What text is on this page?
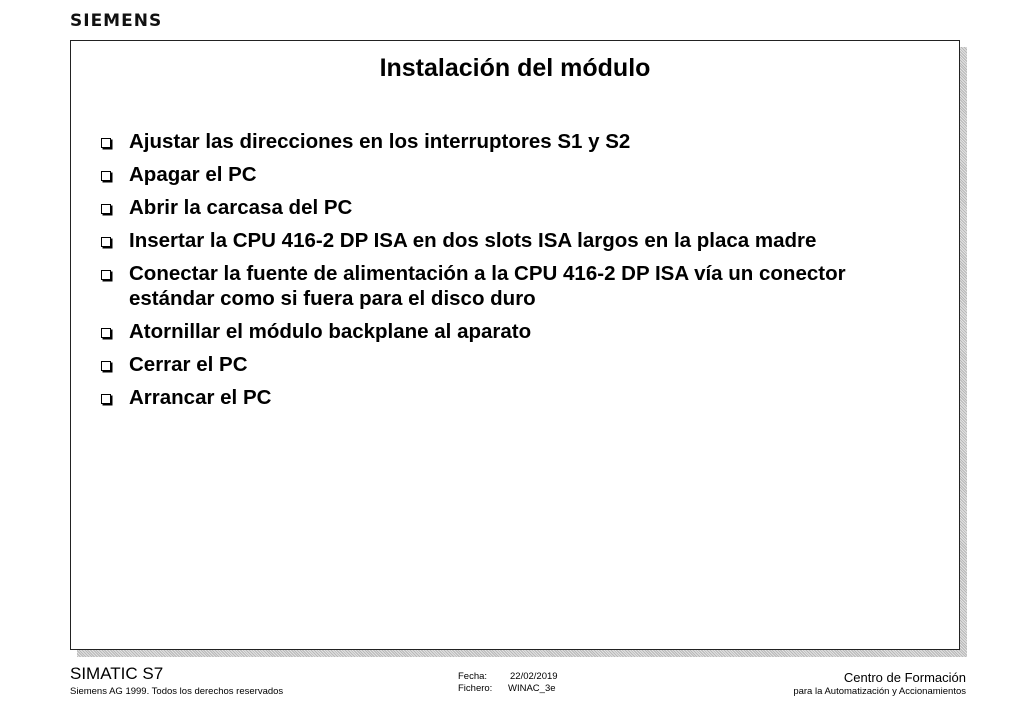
SIEMENS
Instalación del módulo
Ajustar las direcciones en los interruptores S1 y S2
Apagar el PC
Abrir la carcasa del PC
Insertar la CPU 416-2 DP ISA en dos slots ISA largos en la placa madre
Conectar la fuente de alimentación a la CPU 416-2 DP ISA vía un conector estándar como si fuera para el disco duro
Atornillar el módulo backplane al aparato
Cerrar el PC
Arrancar el PC
SIMATIC S7
Siemens AG 1999. Todos los derechos reservados
Fecha: 22/02/2019
Fichero: WINAC_3e
Centro de Formación
para la Automatización y Accionamientos
